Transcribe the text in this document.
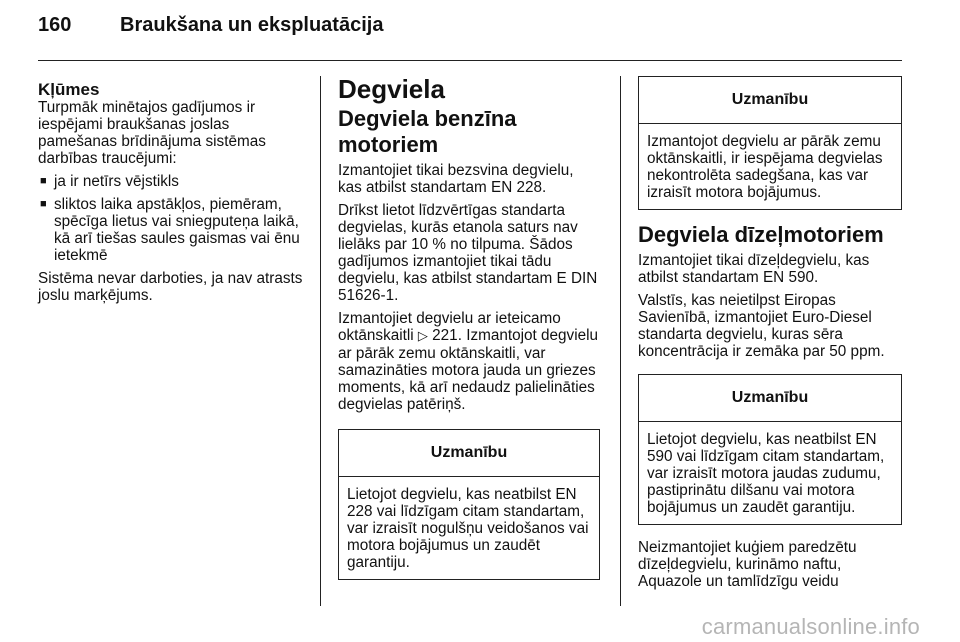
160	Braukšana un ekspluatācija
Kļūmes

Turpmāk minētajos gadījumos ir iespējami braukšanas joslas pamešanas brīdinājuma sistēmas darbības traucējumi:

■ ja ir netīrs vējstikls
■ sliktos laika apstākļos, piemēram, spēcīga lietus vai sniegputeņa laikā, kā arī tiešas saules gaismas vai ēnu ietekmē

Sistēma nevar darboties, ja nav atrasts joslu marķējums.

Degviela
Degviela benzīna motoriem

Izmantojiet tikai bezsvina degvielu, kas atbilst standartam EN 228.

Drīkst lietot līdzvērtīgas standarta degvielas, kurās etanola saturs nav lielāks par 10 % no tilpuma. Šādos gadījumos izmantojiet tikai tādu degvielu, kas atbilst standartam E DIN 51626-1.

Izmantojiet degvielu ar ieteicamo oktānskaitli ▷ 221. Izmantojot degvielu ar pārāk zemu oktānskaitli, var samazināties motora jauda un griezes moments, kā arī nedaudz palielināties degvielas patēriņš.

Uzmanību
Lietojot degvielu, kas neatbilst EN 228 vai līdzīgam citam standartam, var izraisīt nogulšņu veidošanos vai motora bojājumus un zaudēt garantiju.
Uzmanību
Izmantojot degvielu ar pārāk zemu oktānskaitli, ir iespējama degvielas nekontrolēta sadegšana, kas var izraisīt motora bojājumus.
Degviela dīzeļmotoriem

Izmantojiet tikai dīzeļdegvielu, kas atbilst standartam EN 590.

Valstīs, kas neietilpst Eiropas Savienībā, izmantojiet Euro-Diesel standarta degvielu, kuras sēra koncentrācija ir zemāka par 50 ppm.

Uzmanību
Lietojot degvielu, kas neatbilst EN 590 vai līdzīgam citam standartam, var izraisīt motora jaudas zudumu, pastiprinātu dilšanu vai motora bojājumus un zaudēt garantiju.

Neizmantojiet kuģiem paredzētu dīzeļdegvielu, kurināmo naftu, Aquazole un tamlīdzīgu veidu

carmanualsonline.info
